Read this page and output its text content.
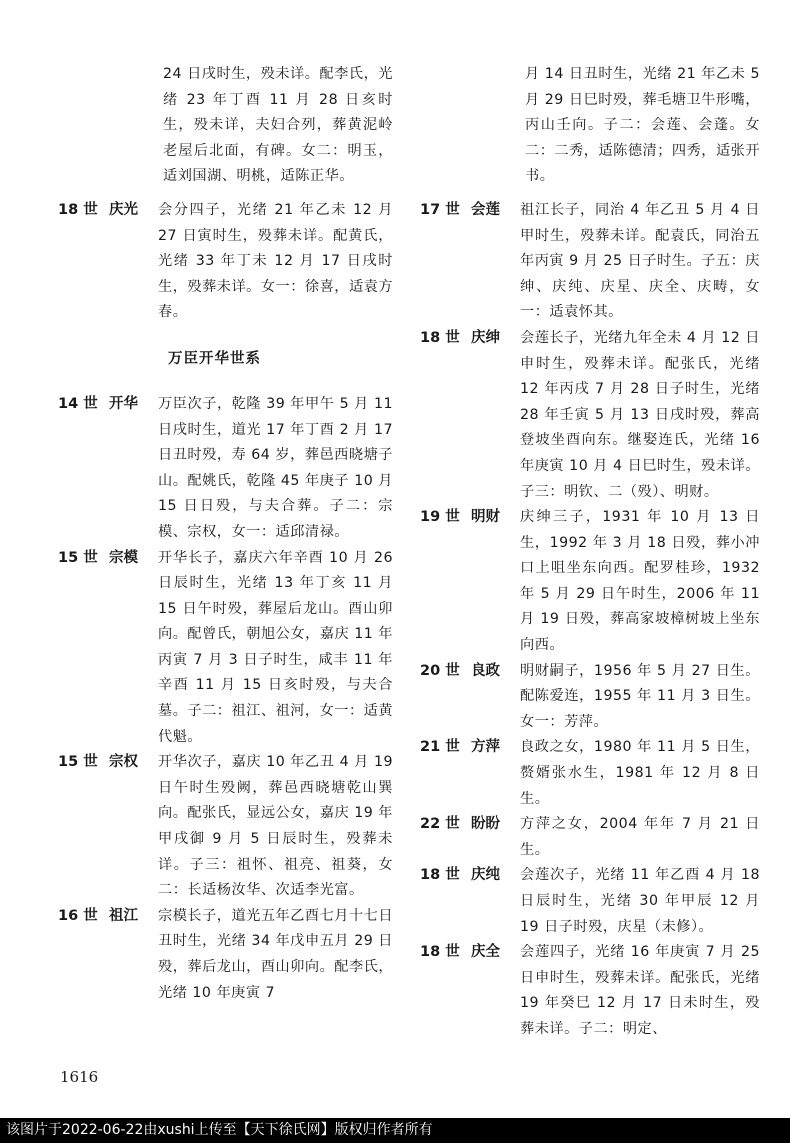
24 日戌时生，殁未详。配李氏，光绪 23 年丁酉 11 月 28 日亥时生，殁未详，夫妇合列，葬黄泥岭老屋后北面，有碑。女二：明玉，适刘国湖、明桃，适陈正华。
18 世 庆光	会分四子，光绪 21 年乙未 12 月 27 日寅时生，殁葬未详。配黄氏，光绪 33 年丁未 12 月 17 日戌时生，殁葬未详。女一：徐喜，适袁方春。
万臣开华世系
14 世 开华	万臣次子，乾隆 39 年甲午 5 月 11 日戌时生，道光 17 年丁酉 2 月 17 日丑时殁，寿 64 岁，葬邑西晓塘子山。配姚氏，乾隆 45 年庚子 10 月 15 日日殁，与夫合葬。子二：宗模、宗权，女一：适邱清禄。
15 世 宗模	开华长子，嘉庆六年辛酉 10 月 26 日辰时生，光绪 13 年丁亥 11 月 15 日午时殁，葬屋后龙山。酉山卯向。配曾氏，朝旭公女，嘉庆 11 年丙寅 7 月 3 日子时生，咸丰 11 年辛酉 11 月 15 日亥时殁，与夫合墓。子二：祖江、祖河，女一：适黄代魁。
15 世 宗权	开华次子，嘉庆 10 年乙丑 4 月 19 日午时生殁阙，葬邑西晓塘乾山巽向。配张氏，显远公女，嘉庆 19 年甲戌御 9 月 5 日辰时生，殁葬未详。子三：祖怀、祖亮、祖葵，女二：长适杨汝华、次适李光富。
16 世 祖江	宗模长子，道光五年乙酉七月十七日丑时生，光绪 34 年戊申五月 29 日殁，葬后龙山，酉山卯向。配李氏，光绪 10 年庚寅 7
月 14 日丑时生，光绪 21 年乙未 5 月 29 日巳时殁，葬毛塘卫牛形嘴，丙山壬向。子二：会莲、会蓬。女二：二秀，适陈德清；四秀，适张开书。
17 世 会莲	祖江长子，同治 4 年乙丑 5 月 4 日甲时生，殁葬未详。配袁氏，同治五年丙寅 9 月 25 日子时生。子五：庆绅、庆纯、庆星、庆全、庆畴，女一：适袁怀其。
18 世 庆绅	会莲长子，光绪九年全未 4 月 12 日申时生，殁葬未详。配张氏，光绪 12 年丙戌 7 月 28 日子时生，光绪 28 年壬寅 5 月 13 日戌时殁，葬高登坡坐酉向东。继娶连氏，光绪 16 年庚寅 10 月 4 日巳时生，殁未详。子三：明钦、二（殁）、明财。
19 世 明财	庆绅三子，1931 年 10 月 13 日生，1992 年 3 月 18 日殁，葬小冲口上咀坐东向西。配罗桂珍，1932 年 5 月 29 日午时生，2006 年 11 月 19 日殁，葬高家坡樟树坡上坐东向西。
20 世 良政	明财嗣子，1956 年 5 月 27 日生。配陈爱连，1955 年 11 月 3 日生。女一：芳萍。
21 世 方萍	良政之女，1980 年 11 月 5 日生，赘婿张水生，1981 年 12 月 8 日生。
22 世 盼盼	方萍之女，2004 年年 7 月 21 日生。
18 世 庆纯	会莲次子，光绪 11 年乙酉 4 月 18 日辰时生，光绪 30 年甲辰 12 月 19 日子时殁，庆星（未修）。
18 世 庆全	会莲四子，光绪 16 年庚寅 7 月 25 日申时生，殁葬未详。配张氏，光绪 19 年癸巳 12 月 17 日未时生，殁葬未详。子二：明定、
1616
该图片于2022-06-22由xushi上传至【天下徐氏网】版权归作者所有
